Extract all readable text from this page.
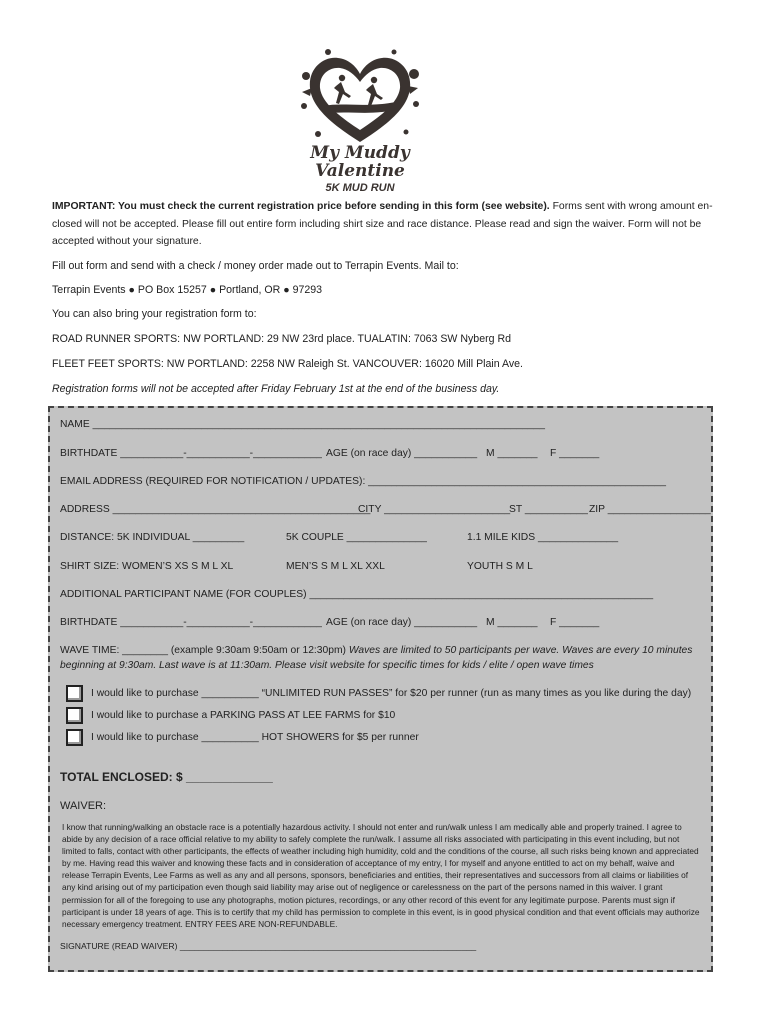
My Muddy
Valentine
5K MUD RUN
IMPORTANT: You must check the current registration price before sending in this form (see website). Forms sent with wrong amount en-closed will not be accepted. Please fill out entire form including shirt size and race distance. Please read and sign the waiver. Form will not be accepted without your signature.
Fill out form and send with a check / money order made out to Terrapin Events. Mail to:
Terrapin Events ● PO Box 15257 ● Portland, OR ● 97293
You can also bring your registration form to:
ROAD RUNNER SPORTS: NW PORTLAND: 29 NW 23rd place. TUALATIN: 7063 SW Nyberg Rd
FLEET FEET SPORTS: NW PORTLAND: 2258 NW Raleigh St. VANCOUVER: 16020 Mill Plain Ave.
Registration forms will not be accepted after Friday February 1st at the end of the business day.
NAME _______________________________________________________________________________
BIRTHDATE ___________-___________-____________ AGE (on race day) ___________ M _______ F _______
EMAIL ADDRESS (REQUIRED FOR NOTIFICATION / UPDATES): ____________________________________________________
ADDRESS _____________________________________________
CITY ______________________
ST ___________ ZIP __________________
DISTANCE: 5K INDIVIDUAL _________	5K COUPLE ______________	1.1 MILE KIDS ______________
SHIRT SIZE: WOMEN’S XS S M L XL	MEN’S S M L XL XXL	YOUTH S M L
ADDITIONAL PARTICIPANT NAME (FOR COUPLES) ____________________________________________________________
BIRTHDATE ___________-___________-____________ AGE (on race day) ___________ M _______ F _______
WAVE TIME: ________ (example 9:30am 9:50am or 12:30pm) Waves are limited to 50 participants per wave. Waves are every 10 minutes
beginning at 9:30am. Last wave is at 11:30am. Please visit website for specific times for kids / elite / open wave times
I would like to purchase __________ “UNLIMITED RUN PASSES” for $20 per runner (run as many times as you like during the day)
I would like to purchase a PARKING PASS AT LEE FARMS for $10
I would like to purchase __________ HOT SHOWERS for $5 per runner
TOTAL ENCLOSED: $ _____________
WAIVER:
I know that running/walking an obstacle race is a potentially hazardous activity. I should not enter and run/walk unless I am medically able and properly trained. I agree to abide by any decision of a race official relative to my ability to safely complete the run/walk. I assume all risks associated with participating in this event including, but not limited to falls, contact with other participants, the effects of weather including high humidity, cold and the conditions of the course, all such risks being known and appreciated by me. Having read this waiver and knowing these facts and in consideration of acceptance of my entry, I for myself and anyone entitled to act on my behalf, waive and release Terrapin Events, Lee Farms as well as any and all persons, sponsors, beneficiaries and entities, their representatives and successors from all claims or liabilities of any kind arising out of my participation even though said liability may arise out of negligence or carelessness on the part of the persons named in this waiver. I grant permission for all of the foregoing to use any photographs, motion pictures, recordings, or any other record of this event for any legitimate purpose. Parents must sign if participant is under 18 years of age. This is to certify that my child has permission to complete in this event, is in good physical condition and that event officials may authorize necessary emergency treatment. ENTRY FEES ARE NON-REFUNDABLE.
SIGNATURE (READ WAIVER) ______________________________________________________________
